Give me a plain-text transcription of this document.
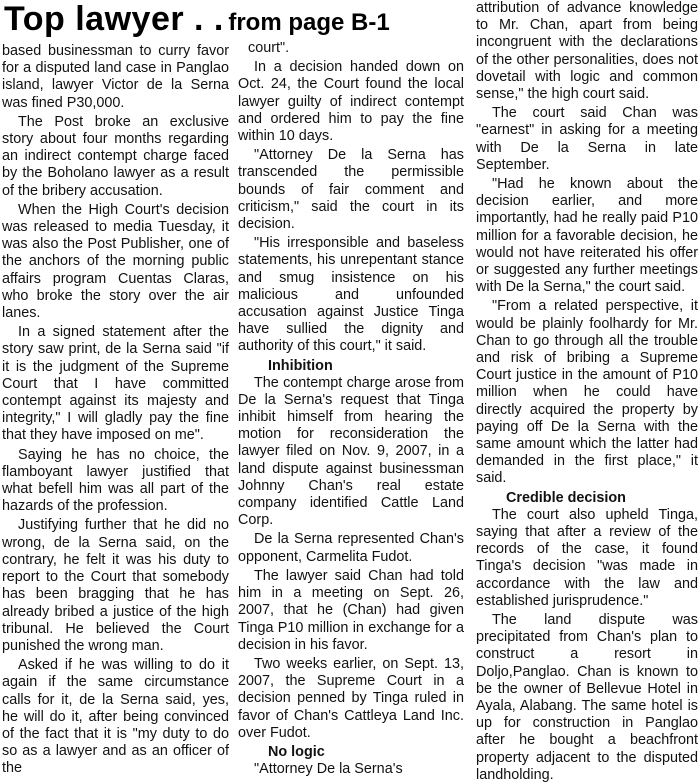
Top lawyer . . from page B-1

based businessman to curry favor for a disputed land case in Panglao island, lawyer Victor de la Serna was fined P30,000.

The Post broke an exclusive story about four months regarding an indirect contempt charge faced by the Boholano lawyer as a result of the bribery accusation.

When the High Court's decision was released to media Tuesday, it was also the Post Publisher, one of the anchors of the morning public affairs program Cuentas Claras, who broke the story over the air lanes.

In a signed statement after the story saw print, de la Serna said "if it is the judgment of the Supreme Court that I have committed contempt against its majesty and integrity," I will gladly pay the fine that they have imposed on me".

Saying he has no choice, the flamboyant lawyer justified that what befell him was all part of the hazards of the profession.

Justifying further that he did no wrong, de la Serna said, on the contrary, he felt it was his duty to report to the Court that somebody has been bragging that he has already bribed a justice of the high tribunal. He believed the Court punished the wrong man.

Asked if he was willing to do it again if the same circumstance calls for it, de la Serna said, yes, he will do it, after being convinced of the fact that it is "my duty to do so as a lawyer and as an officer of the

court".

In a decision handed down on Oct. 24, the Court found the local lawyer guilty of indirect contempt and ordered him to pay the fine within 10 days.

"Attorney De la Serna has transcended the permissible bounds of fair comment and criticism," said the court in its decision.

"His irresponsible and baseless statements, his unrepentant stance and smug insistence on his malicious and unfounded accusation against Justice Tinga have sullied the dignity and authority of this court," it said.

Inhibition

The contempt charge arose from De la Serna's request that Tinga inhibit himself from hearing the motion for reconsideration the lawyer filed on Nov. 9, 2007, in a land dispute against businessman Johnny Chan's real estate company identified Cattle Land Corp.

De la Serna represented Chan's opponent, Carmelita Fudot.

The lawyer said Chan had told him in a meeting on Sept. 26, 2007, that he (Chan) had given Tinga P10 million in exchange for a decision in his favor.

Two weeks earlier, on Sept. 13, 2007, the Supreme Court in a decision penned by Tinga ruled in favor of Chan's Cattleya Land Inc. over Fudot.

No logic

"Attorney De la Serna's

attribution of advance knowledge to Mr. Chan, apart from being incongruent with the declarations of the other personalities, does not dovetail with logic and common sense," the high court said.

The court said Chan was "earnest" in asking for a meeting with De la Serna in late September.

"Had he known about the decision earlier, and more importantly, had he really paid P10 million for a favorable decision, he would not have reiterated his offer or suggested any further meetings with De la Serna," the court said.

"From a related perspective, it would be plainly foolhardy for Mr. Chan to go through all the trouble and risk of bribing a Supreme Court justice in the amount of P10 million when he could have directly acquired the property by paying off De la Serna with the same amount which the latter had demanded in the first place," it said.

Credible decision

The court also upheld Tinga, saying that after a review of the records of the case, it found Tinga's decision "was made in accordance with the law and established jurisprudence."

The land dispute was precipitated from Chan's plan to construct a resort in Doljo,Panglao. Chan is known to be the owner of Bellevue Hotel in Ayala, Alabang. The same hotel is up for construction in Panglao after he bought a beachfront property adjacent to the disputed landholding.
